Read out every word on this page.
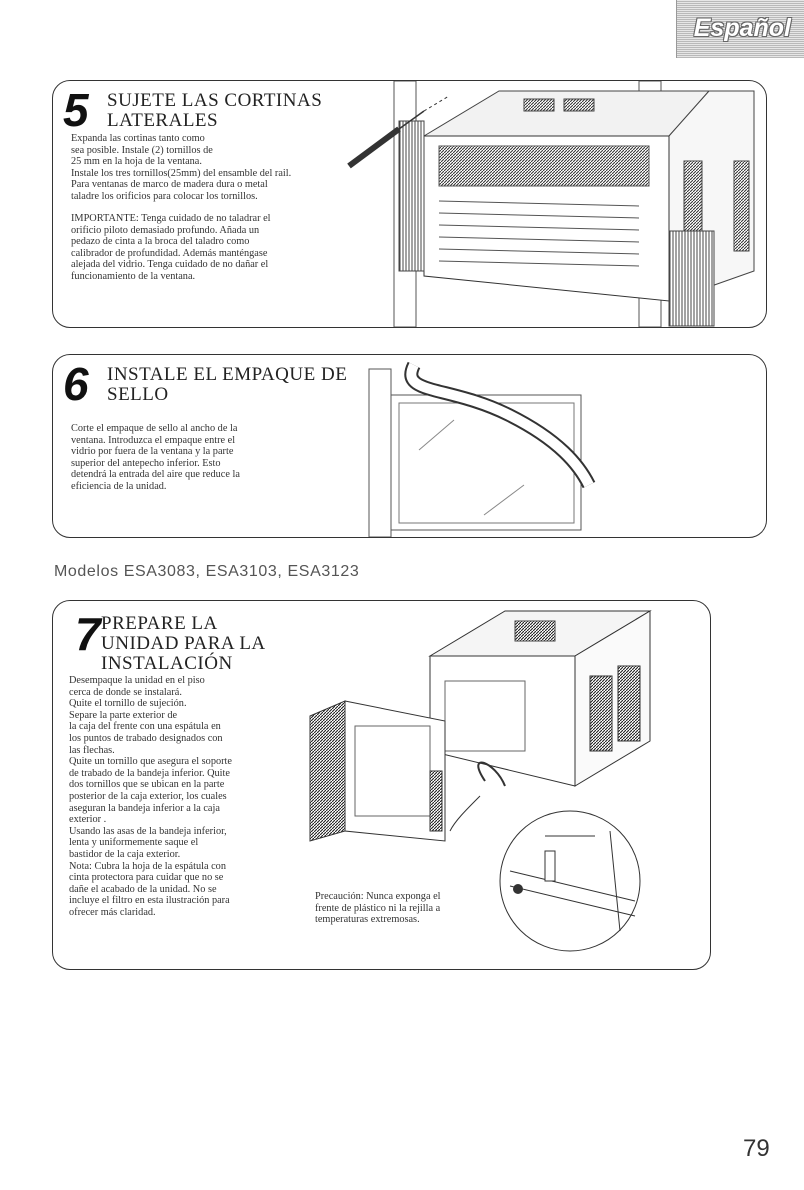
Español
5 SUJETE LAS CORTINAS
LATERALES
Expanda las cortinas tanto como
sea posible. Instale (2) tornillos de
25 mm en la hoja de la ventana.
Instale los tres tornillos(25mm) del ensamble del rail.
Para ventanas de marco de madera dura o metal
taladre los orificios para colocar los tornillos.
IMPORTANTE: Tenga cuidado de no taladrar el
orificio piloto demasiado profundo. Añada un
pedazo de cinta a la broca del taladro como
calibrador de profundidad. Además manténgase
alejada del vidrio. Tenga cuidado de no dañar el
funcionamiento de la ventana.
6 INSTALE EL EMPAQUE DE
SELLO
Corte el empaque de sello al ancho de la
ventana. Introduzca el empaque entre el
vidrio por fuera de la ventana y la parte
superior del antepecho inferior. Esto
detendrá la entrada del aire que reduce la
eficiencia de la unidad.
Modelos ESA3083, ESA3103, ESA3123
7 PREPARE LA
UNIDAD PARA LA
INSTALACIÓN
Desempaque la unidad en el piso
cerca de donde se instalará.
Quite el tornillo de sujeción.
Separe la parte exterior de
la caja del frente con una espátula en
los puntos de trabado designados con
las flechas.
Quite un tornillo que asegura el soporte
de trabado de la bandeja inferior. Quite
dos tornillos que se ubican en la parte
posterior de la caja exterior, los cuales
aseguran la bandeja inferior a la caja
exterior .
Usando las asas de la bandeja inferior,
lenta y uniformemente saque el
bastidor de la caja exterior.
Nota: Cubra la hoja de la espátula con
cinta protectora para cuidar que no se
dañe el acabado de la unidad. No se
incluye el filtro en esta ilustración para
ofrecer más claridad.
Precaución: Nunca exponga el
frente de plástico ni la rejilla a
temperaturas extremosas.
79
